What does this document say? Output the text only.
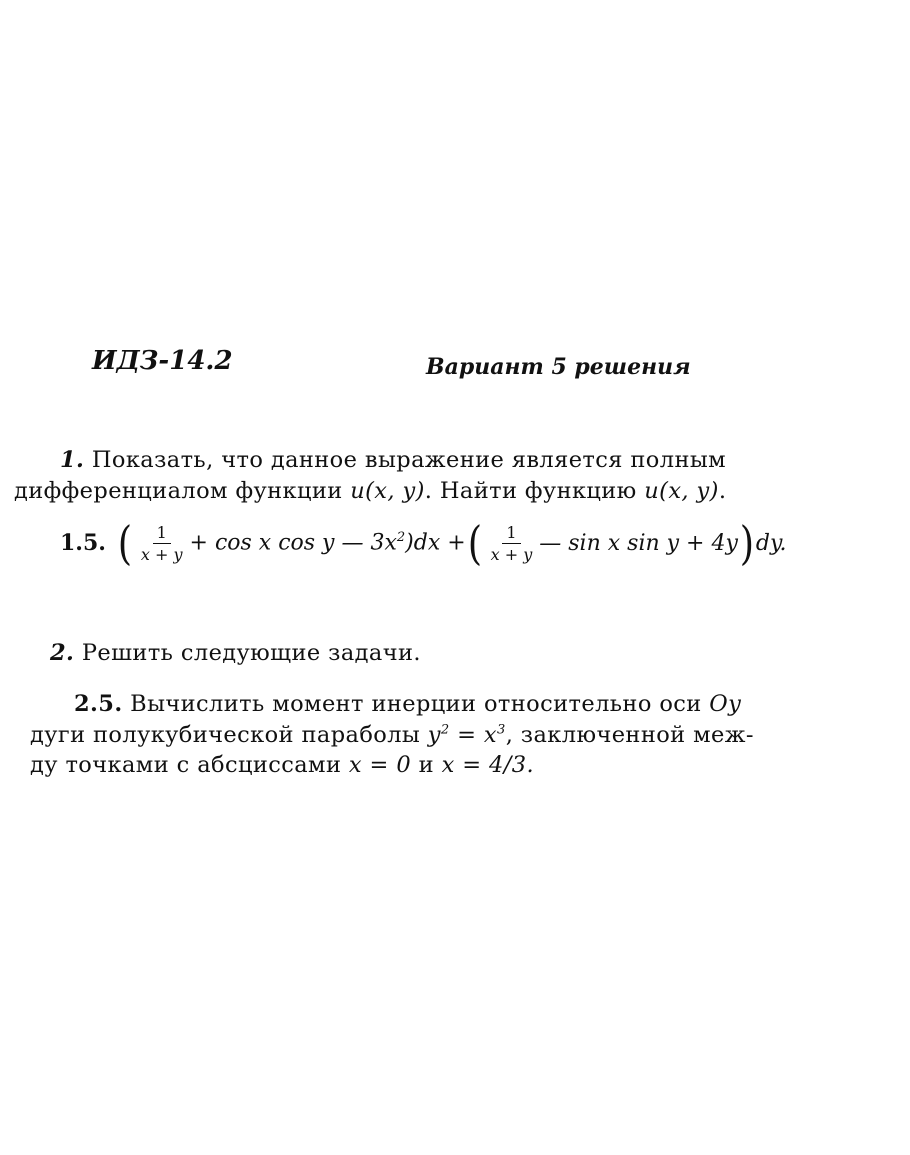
ИДЗ-14.2	Вариант 5 решения
1. Показать, что данное выражение является полным
дифференциалом функции u(x, y). Найти функцию u(x, y).
1.5. ( $\frac{1}{x + y} + \cos x$ cos y — $3x^2)dx$ + ( $\frac{1}{x + y}$ — sin x sin y + 4y ) dy.
2. Решить следующие задачи.
2.5. Вычислить момент инерции относительно оси Oy
дуги полукубической параболы $y^2 = x^3$, заключенной меж-
ду точками с абсциссами x = 0 и x = 4/3.
